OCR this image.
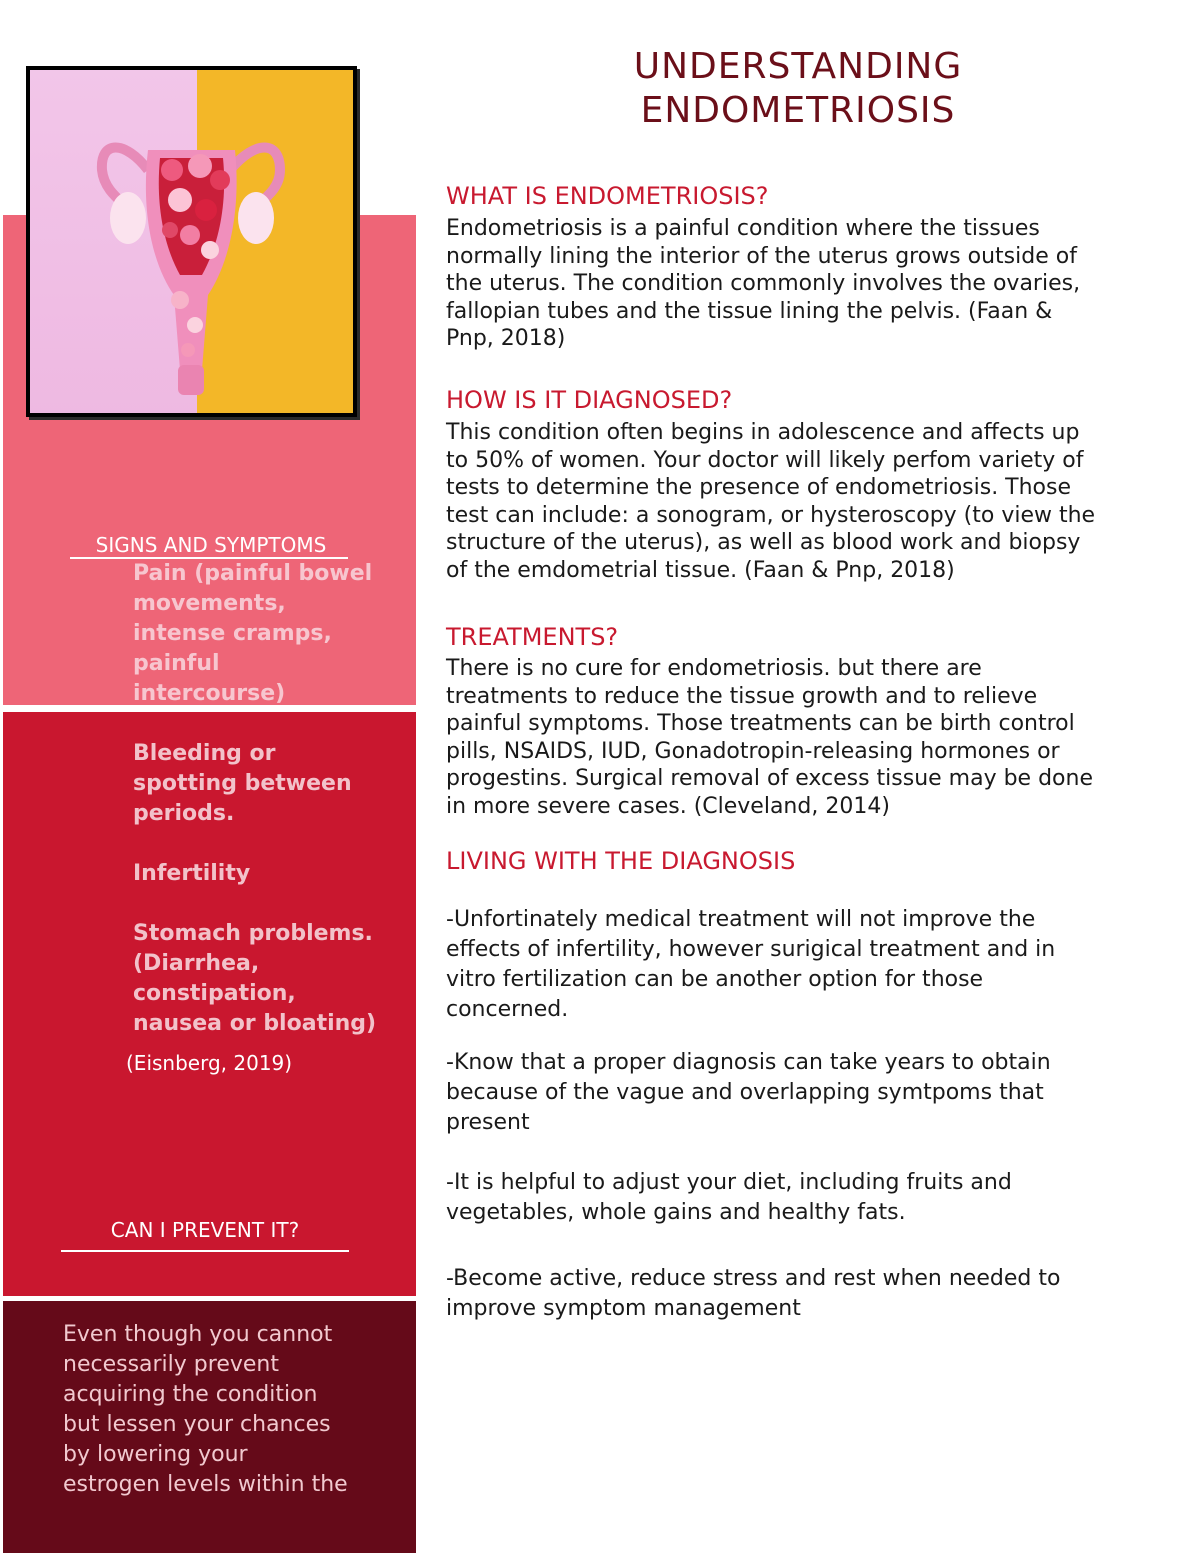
SIGNS AND SYMPTOMS
Pain (painful bowel
movements,
intense cramps,
painful
intercourse)
Bleeding or
spotting between
periods.
Infertility
Stomach problems.
(Diarrhea,
constipation,
nausea or bloating)
(Eisnberg, 2019)
CAN I PREVENT IT?
Even though you cannot
necessarily prevent
acquiring the condition
but lessen your chances
by lowering your
estrogen levels within the
UNDERSTANDING
ENDOMETRIOSIS
WHAT IS ENDOMETRIOSIS?
Endometriosis is a painful condition where the tissues
normally lining the interior of the uterus grows outside of
the uterus. The condition commonly involves the ovaries,
fallopian tubes and the tissue lining the pelvis. (Faan &
Pnp, 2018)
HOW IS IT DIAGNOSED?
This condition often begins in adolescence and affects up
to 50% of women. Your doctor will likely perfom variety of
tests to determine the presence of endometriosis. Those
test can include: a sonogram, or hysteroscopy (to view the
structure of the uterus), as well as blood work and biopsy
of the emdometrial tissue. (Faan & Pnp, 2018)
TREATMENTS?
There is no cure for endometriosis. but there are
treatments to reduce the tissue growth and to relieve
painful symptoms. Those treatments can be birth control
pills, NSAIDS, IUD, Gonadotropin-releasing hormones or
progestins. Surgical removal of excess tissue may be done
in more severe cases. (Cleveland, 2014)
LIVING WITH THE DIAGNOSIS
-Unfortinately medical treatment will not improve the
effects of infertility, however surigical treatment and in
vitro fertilization can be another option for those
concerned.
-Know that a proper diagnosis can take years to obtain
because of the vague and overlapping symtpoms that
present
-It is helpful to adjust your diet, including fruits and
vegetables, whole gains and healthy fats.
-Become active, reduce stress and rest when needed to
improve symptom management
